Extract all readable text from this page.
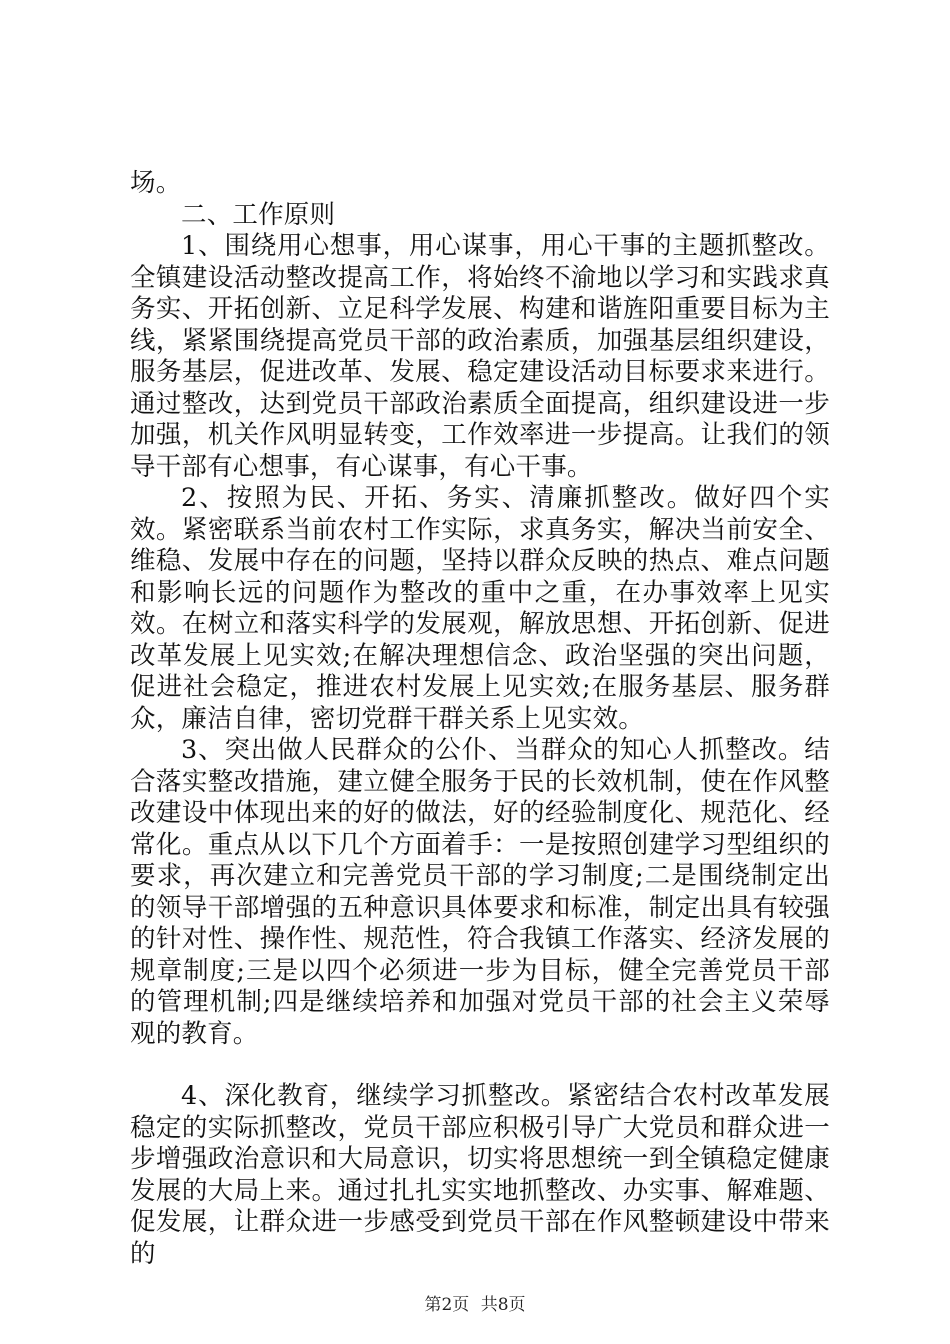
场。

二、工作原则

1、围绕用心想事，用心谋事，用心干事的主题抓整改。全镇建设活动整改提高工作，将始终不渝地以学习和实践求真务实、开拓创新、立足科学发展、构建和谐旌阳重要目标为主线，紧紧围绕提高党员干部的政治素质，加强基层组织建设，服务基层，促进改革、发展、稳定建设活动目标要求来进行。通过整改，达到党员干部政治素质全面提高，组织建设进一步加强，机关作风明显转变，工作效率进一步提高。让我们的领导干部有心想事，有心谋事，有心干事。

2、按照为民、开拓、务实、清廉抓整改。做好四个实效。紧密联系当前农村工作实际，求真务实，解决当前安全、维稳、发展中存在的问题，坚持以群众反映的热点、难点问题和影响长远的问题作为整改的重中之重，在办事效率上见实效。在树立和落实科学的发展观，解放思想、开拓创新、促进改革发展上见实效;在解决理想信念、政治坚强的突出问题，促进社会稳定，推进农村发展上见实效;在服务基层、服务群众，廉洁自律，密切党群干群关系上见实效。

3、突出做人民群众的公仆、当群众的知心人抓整改。结合落实整改措施，建立健全服务于民的长效机制，使在作风整改建设中体现出来的好的做法，好的经验制度化、规范化、经常化。重点从以下几个方面着手：一是按照创建学习型组织的要求，再次建立和完善党员干部的学习制度;二是围绕制定出的领导干部增强的五种意识具体要求和标准，制定出具有较强的针对性、操作性、规范性，符合我镇工作落实、经济发展的规章制度;三是以四个必须进一步为目标，健全完善党员干部的管理机制;四是继续培养和加强对党员干部的社会主义荣辱观的教育。

4、深化教育，继续学习抓整改。紧密结合农村改革发展稳定的实际抓整改，党员干部应积极引导广大党员和群众进一步增强政治意识和大局意识，切实将思想统一到全镇稳定健康发展的大局上来。通过扎扎实实地抓整改、办实事、解难题、促发展，让群众进一步感受到党员干部在作风整顿建设中带来的

第2页 共8页
